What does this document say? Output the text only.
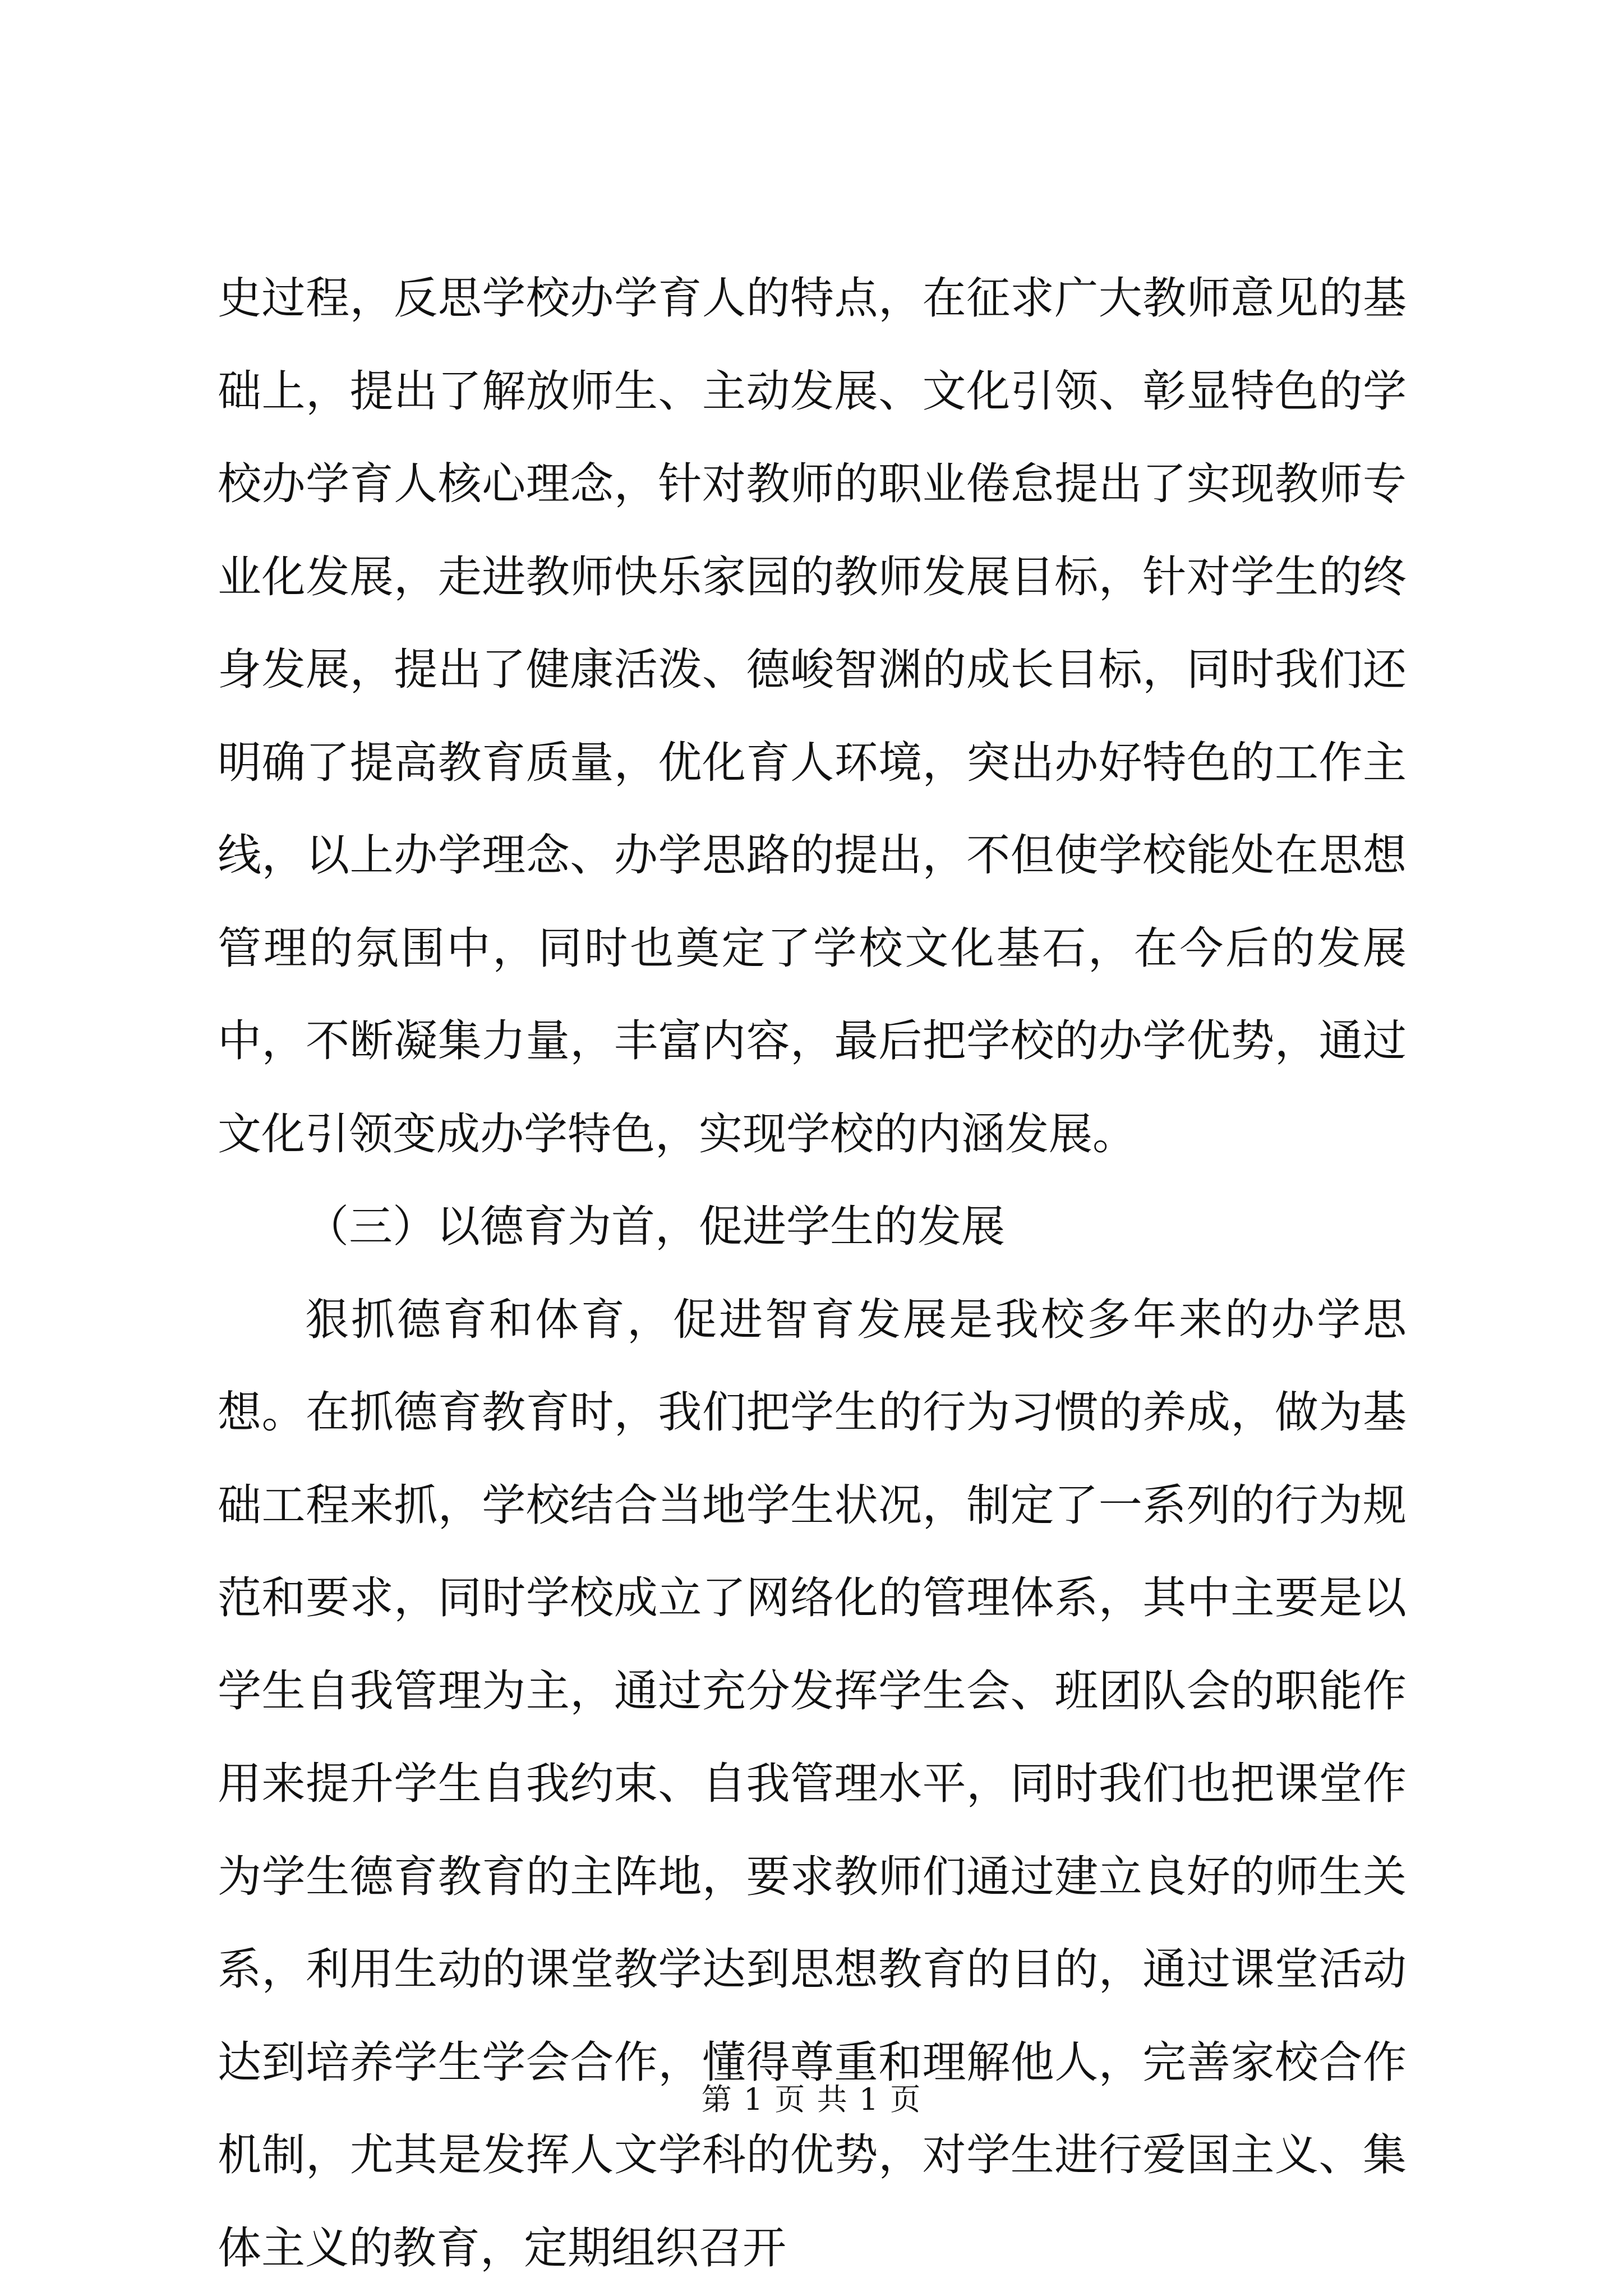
史过程，反思学校办学育人的特点，在征求广大教师意见的基础上，提出了解放师生、主动发展、文化引领、彰显特色的学校办学育人核心理念，针对教师的职业倦怠提出了实现教师专业化发展，走进教师快乐家园的教师发展目标，针对学生的终身发展，提出了健康活泼、德峻智渊的成长目标，同时我们还明确了提高教育质量，优化育人环境，突出办好特色的工作主线，以上办学理念、办学思路的提出，不但使学校能处在思想管理的氛围中，同时也奠定了学校文化基石，在今后的发展中，不断凝集力量，丰富内容，最后把学校的办学优势，通过文化引领变成办学特色，实现学校的内涵发展。

（三）以德育为首，促进学生的发展

狠抓德育和体育，促进智育发展是我校多年来的办学思想。在抓德育教育时，我们把学生的行为习惯的养成，做为基础工程来抓，学校结合当地学生状况，制定了一系列的行为规范和要求，同时学校成立了网络化的管理体系，其中主要是以学生自我管理为主，通过充分发挥学生会、班团队会的职能作用来提升学生自我约束、自我管理水平，同时我们也把课堂作为学生德育教育的主阵地，要求教师们通过建立良好的师生关系，利用生动的课堂教学达到思想教育的目的，通过课堂活动达到培养学生学会合作，懂得尊重和理解他人，完善家校合作机制，尤其是发挥人文学科的优势，对学生进行爱国主义、集体主义的教育，定期组织召开

第 1 页 共 1 页
